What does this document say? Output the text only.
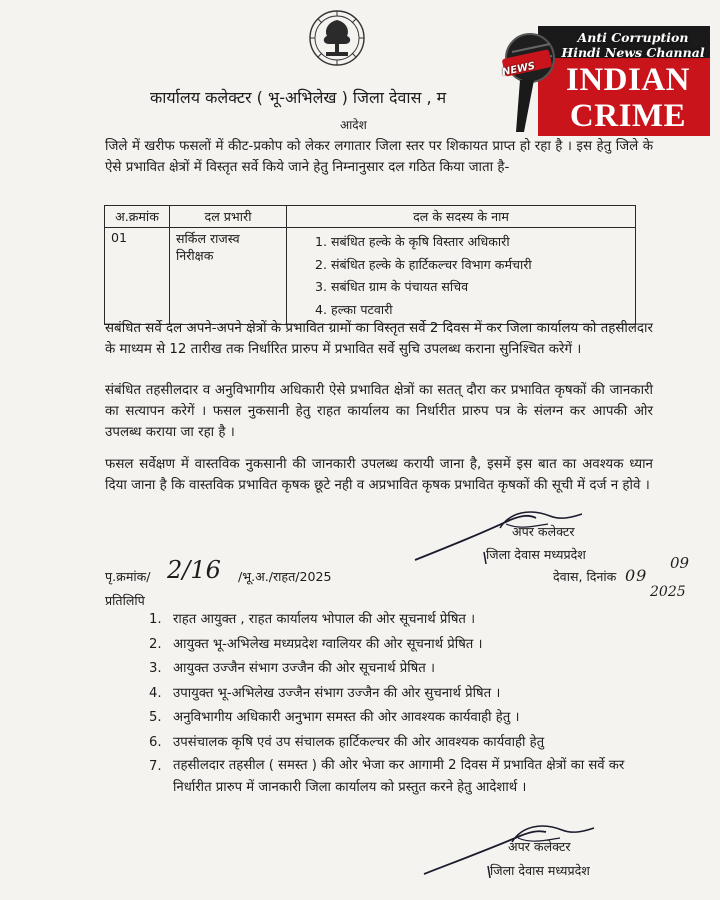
कार्यालय कलेक्टर ( भू-अभिलेख ) जिला देवास , म
आदेश
Anti Corruption
Hindi News Channal
NEWS INDIAN
CRIME
जिले में खरीफ फसलों में कीट-प्रकोप को लेकर लगातार जिला स्तर पर शिकायत प्राप्त हो रहा है । इस हेतु जिले के ऐसे प्रभावित क्षेत्रों में विस्तृत सर्वे किये जाने हेतु निम्नानुसार दल गठित किया जाता है-
अ.क्रमांक	दल प्रभारी	दल के सदस्य के नाम
01	सर्किल राजस्व निरीक्षक	1. सबंधित हल्के के कृषि विस्तार अधिकारी
2. संबंधित हल्के के हार्टिकल्चर विभाग कर्मचारी
3. सबंधित ग्राम के पंचायत सचिव
4. हल्का पटवारी
सबंधित सर्वे दल अपने-अपने क्षेत्रों के प्रभावित ग्रामों का विस्तृत सर्वे 2 दिवस में कर जिला कार्यालय को तहसीलदार के माध्यम से 12 तारीख तक निर्धारित प्रारुप में प्रभावित सर्वे सुचि उपलब्ध कराना सुनिश्चित करेगें ।
संबंधित तहसीलदार व अनुविभागीय अधिकारी ऐसे प्रभावित क्षेत्रों का सतत् दौरा कर प्रभावित कृषकों की जानकारी का सत्यापन करेगें । फसल नुकसानी हेतु राहत कार्यालय का निर्धारीत प्रारुप पत्र के संलग्न कर आपकी ओर उपलब्ध कराया जा रहा है ।
फसल सर्वेक्षण में वास्तविक नुकसानी की जानकारी उपलब्ध करायी जाना है, इसमें इस बात का अवश्यक ध्यान दिया जाना है कि वास्तविक प्रभावित कृषक छूटे नही व अप्रभावित कृषक प्रभावित कृषकों की सूची में दर्ज न होवे ।
अपर कलेक्टर
जिला देवास मध्यप्रदेश
पृ.क्रमांक/ 2/16 /भू.अ./राहत/2025	देवास, दिनांक 09
09
2025
प्रतिलिपि
1. राहत आयुक्त , राहत कार्यालय भोपाल की ओर सूचनार्थ प्रेषित ।
2. आयुक्त भू-अभिलेख मध्यप्रदेश ग्वालियर की ओर सूचनार्थ प्रेषित ।
3. आयुक्त उज्जैन संभाग उज्जैन की ओर सूचनार्थ प्रेषित ।
4. उपायुक्त भू-अभिलेख उज्जैन संभाग उज्जैन की ओर सुचनार्थ प्रेषित ।
5. अनुविभागीय अधिकारी अनुभाग समस्त की ओर आवश्यक कार्यवाही हेतु ।
6. उपसंचालक कृषि एवं उप संचालक हार्टिकल्चर की ओर आवश्यक कार्यवाही हेतु
7. तहसीलदार तहसील ( समस्त ) की ओर भेजा कर आगामी 2 दिवस में प्रभावित क्षेत्रों का सर्वे कर निर्धारीत प्रारुप में जानकारी जिला कार्यालय को प्रस्तुत करने हेतु आदेशार्थ ।
अपर कलेक्टर
जिला देवास मध्यप्रदेश
